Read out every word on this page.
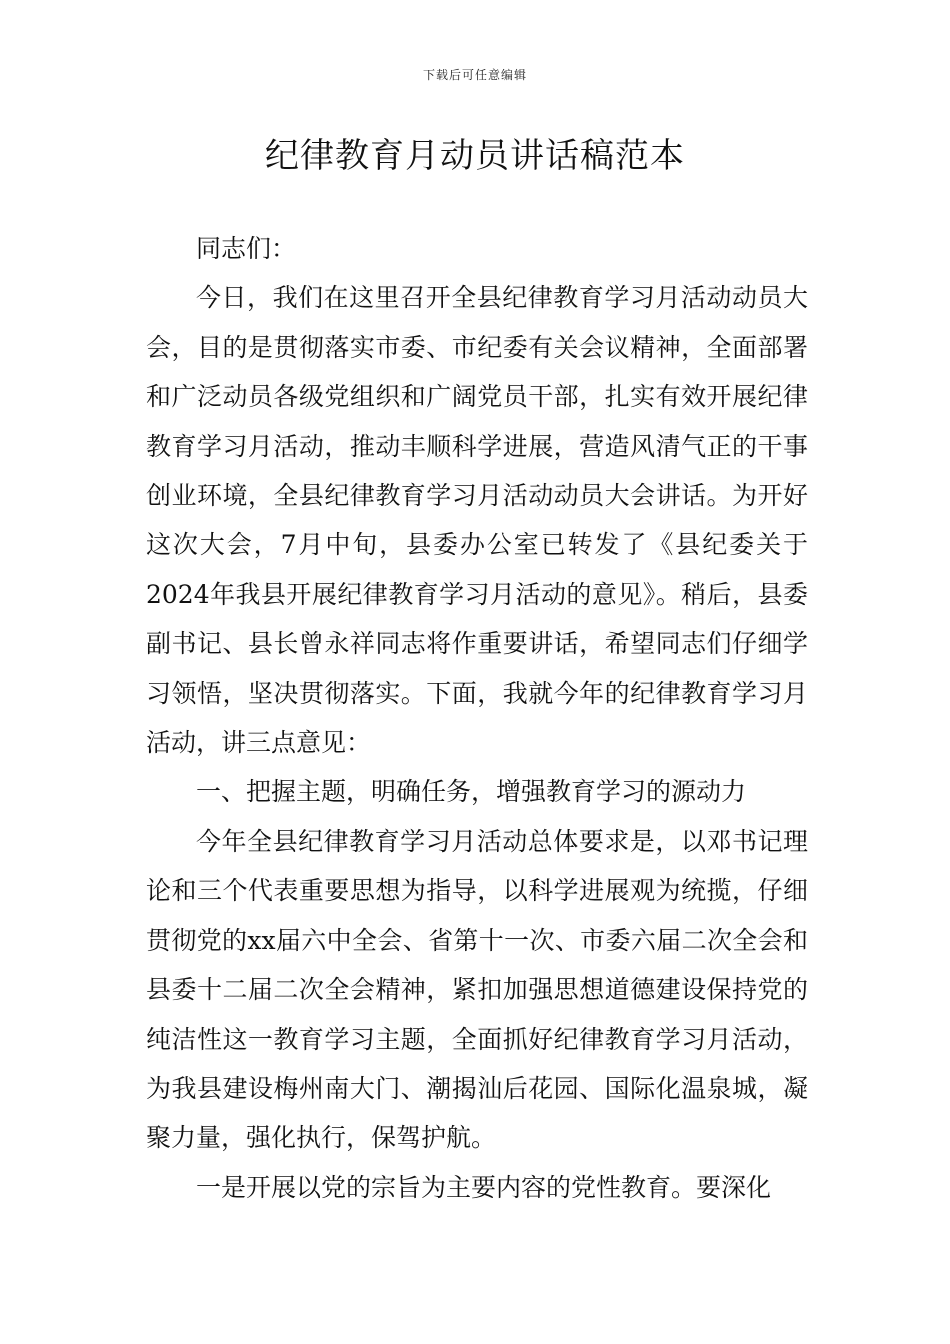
下载后可任意编辑
纪律教育月动员讲话稿范本

同志们：

今日，我们在这里召开全县纪律教育学习月活动动员大会，目的是贯彻落实市委、市纪委有关会议精神，全面部署和广泛动员各级党组织和广阔党员干部，扎实有效开展纪律教育学习月活动，推动丰顺科学进展，营造风清气正的干事创业环境，全县纪律教育学习月活动动员大会讲话。为开好这次大会，7月中旬，县委办公室已转发了《县纪委关于2024年我县开展纪律教育学习月活动的意见》。稍后，县委副书记、县长曾永祥同志将作重要讲话，希望同志们仔细学习领悟，坚决贯彻落实。下面，我就今年的纪律教育学习月活动，讲三点意见：

一、把握主题，明确任务，增强教育学习的源动力

今年全县纪律教育学习月活动总体要求是，以邓书记理论和三个代表重要思想为指导，以科学进展观为统揽，仔细贯彻党的xx届六中全会、省第十一次、市委六届二次全会和县委十二届二次全会精神，紧扣加强思想道德建设保持党的纯洁性这一教育学习主题，全面抓好纪律教育学习月活动，为我县建设梅州南大门、潮揭汕后花园、国际化温泉城，凝聚力量，强化执行，保驾护航。

一是开展以党的宗旨为主要内容的党性教育。要深化
